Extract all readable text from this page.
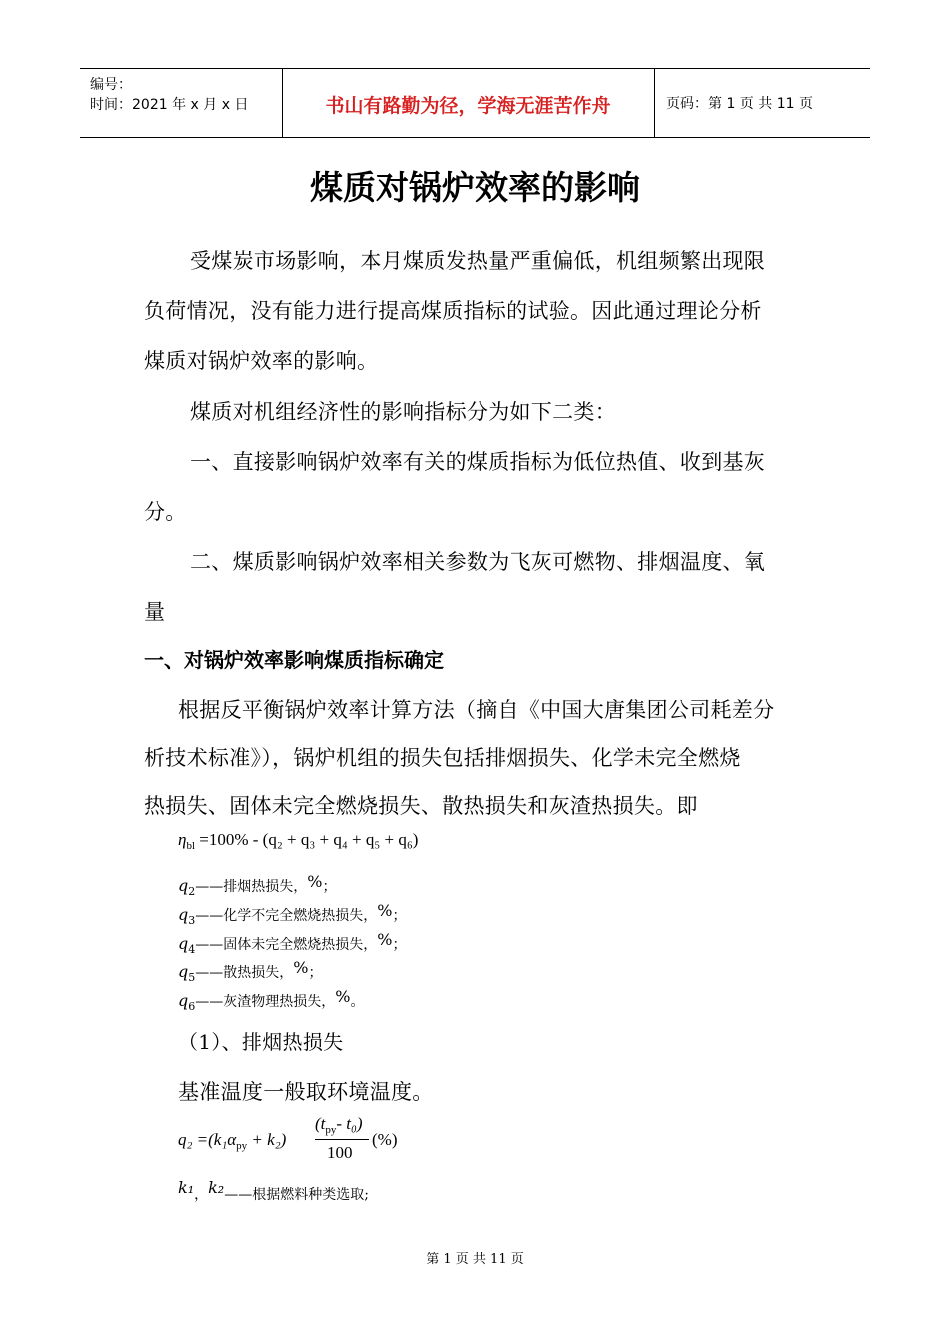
编号：
时间：2021 年 x 月 x 日	书山有路勤为径，学海无涯苦作舟	页码：第 1 页 共 11 页
煤质对锅炉效率的影响
受煤炭市场影响，本月煤质发热量严重偏低，机组频繁出现限
负荷情况，没有能力进行提高煤质指标的试验。因此通过理论分析
煤质对锅炉效率的影响。
煤质对机组经济性的影响指标分为如下二类：
一、直接影响锅炉效率有关的煤质指标为低位热值、收到基灰
分。
二、煤质影响锅炉效率相关参数为飞灰可燃物、排烟温度、氧
量
一、对锅炉效率影响煤质指标确定
根据反平衡锅炉效率计算方法（摘自《中国大唐集团公司耗差分
析技术标准》），锅炉机组的损失包括排烟损失、化学未完全燃烧
热损失、固体未完全燃烧损失、散热损失和灰渣热损失。即
$\eta_{bl} =100\% - (q_2 + q_3 + q_4 + q_5 + q_6)$
$q_2——$排烟热损失，%；
$q_3——$化学不完全燃烧热损失，%；
$q_4——$固体未完全燃烧热损失，%；
$q_5——$散热损失，%；
$q_6——$灰渣物理热损失，%。
（1）、排烟热损失
基准温度一般取环境温度。
$q_2 =(k_1\alpha_{py} + k_2)$
($t_{py}-$ t₀)
100
(%)
k₁，k₂——根据燃料种类选取;
第 1 页 共 11 页
